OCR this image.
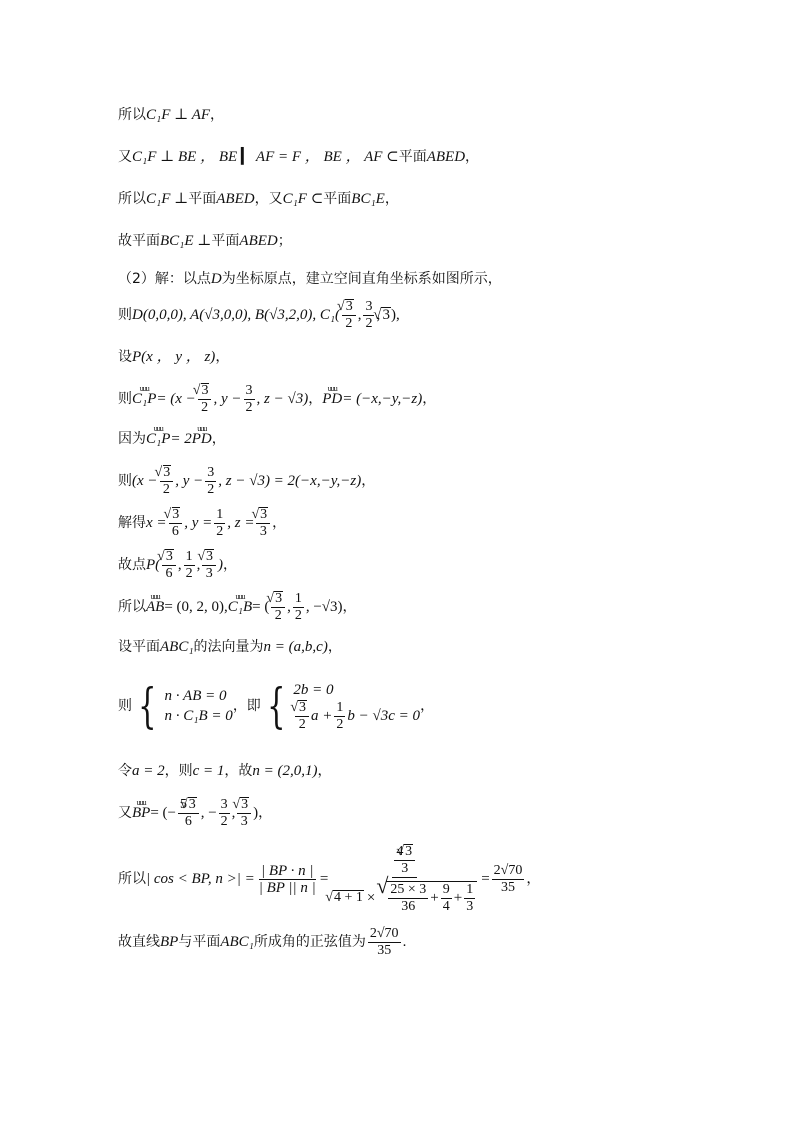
所以 C₁F ⊥ AF ，
又 C₁F ⊥ BE ， BE ▎ AF = F ， BE ， AF ⊂ 平面 ABED ，
所以 C₁F ⊥ 平面 ABED ，又 C₁F ⊂ 平面 BC₁E ，
故平面 BC₁E ⊥ 平面 ABED ；
（2）解：以点 D 为坐标原点，建立空间直角坐标系如图所示，
则 D(0,0,0), A(√3,0,0), B(√3,2,0), C₁( √ $\frac{3}{2}$ , $\frac{3}{2}$ , √ 3 ),
设 P(x ， y ， z) ，
则 uuu C₁P = (x − √ $\frac{3}{2}$ , $y - \frac{3}{2}$ , z − √3) ， uuu PD = (−x,−y,−z) ，
因为 uuu C₁P = 2 uuu PD ，
则 (x − √ $\frac{3}{2}$ , $y - \frac{3}{2}$ , z − √3) = 2(−x,−y,−z) ，
解得 x = √ $\frac{3}{6}$ , $y = \frac{1}{2}$ , z = √ $\frac{3}{3}$ ，
故点 P( √ $\frac{3}{6}$ , $\frac{1}{2}$ , √ $\frac{3}{3}$ ) ，
所以 uuu AB = (0, 2, 0), uuu C₁B = ( √ $\frac{3}{2}$ , $\frac{1}{2}$ , −√3) ，
设平面 ABC₁ 的法向量为 n = (a,b,c) ，
则 { n · AB = 0
n · C₁B = 0
，即 { 2b = 0
√ $\frac{3}{2}$ $a + \frac{1}{2}$ b − √3c = 0
，
令 a = 2 ，则 c = 1 ，故 n = (2,0,1) ，
又 uuu BP = (− $\frac{5 √ 3}{6}$ , − $\frac{3}{2}$ , √ $\frac{3}{3}$ ) ，
所以 | cos < BP, n >| = $\frac{| BP \cdot n |}{| BP || n |}$ =
$\frac{4 √ 3}{3}$
√ 4 + 1 × √ $\frac{25 \times 3}{36} + \frac{9}{4} + \frac{1}{3}$
= $\frac{2√70}{35}$ ，
故直线 BP 与平面 ABC₁ 所成角的正弦值为 $\frac{2√70}{35}$ .
